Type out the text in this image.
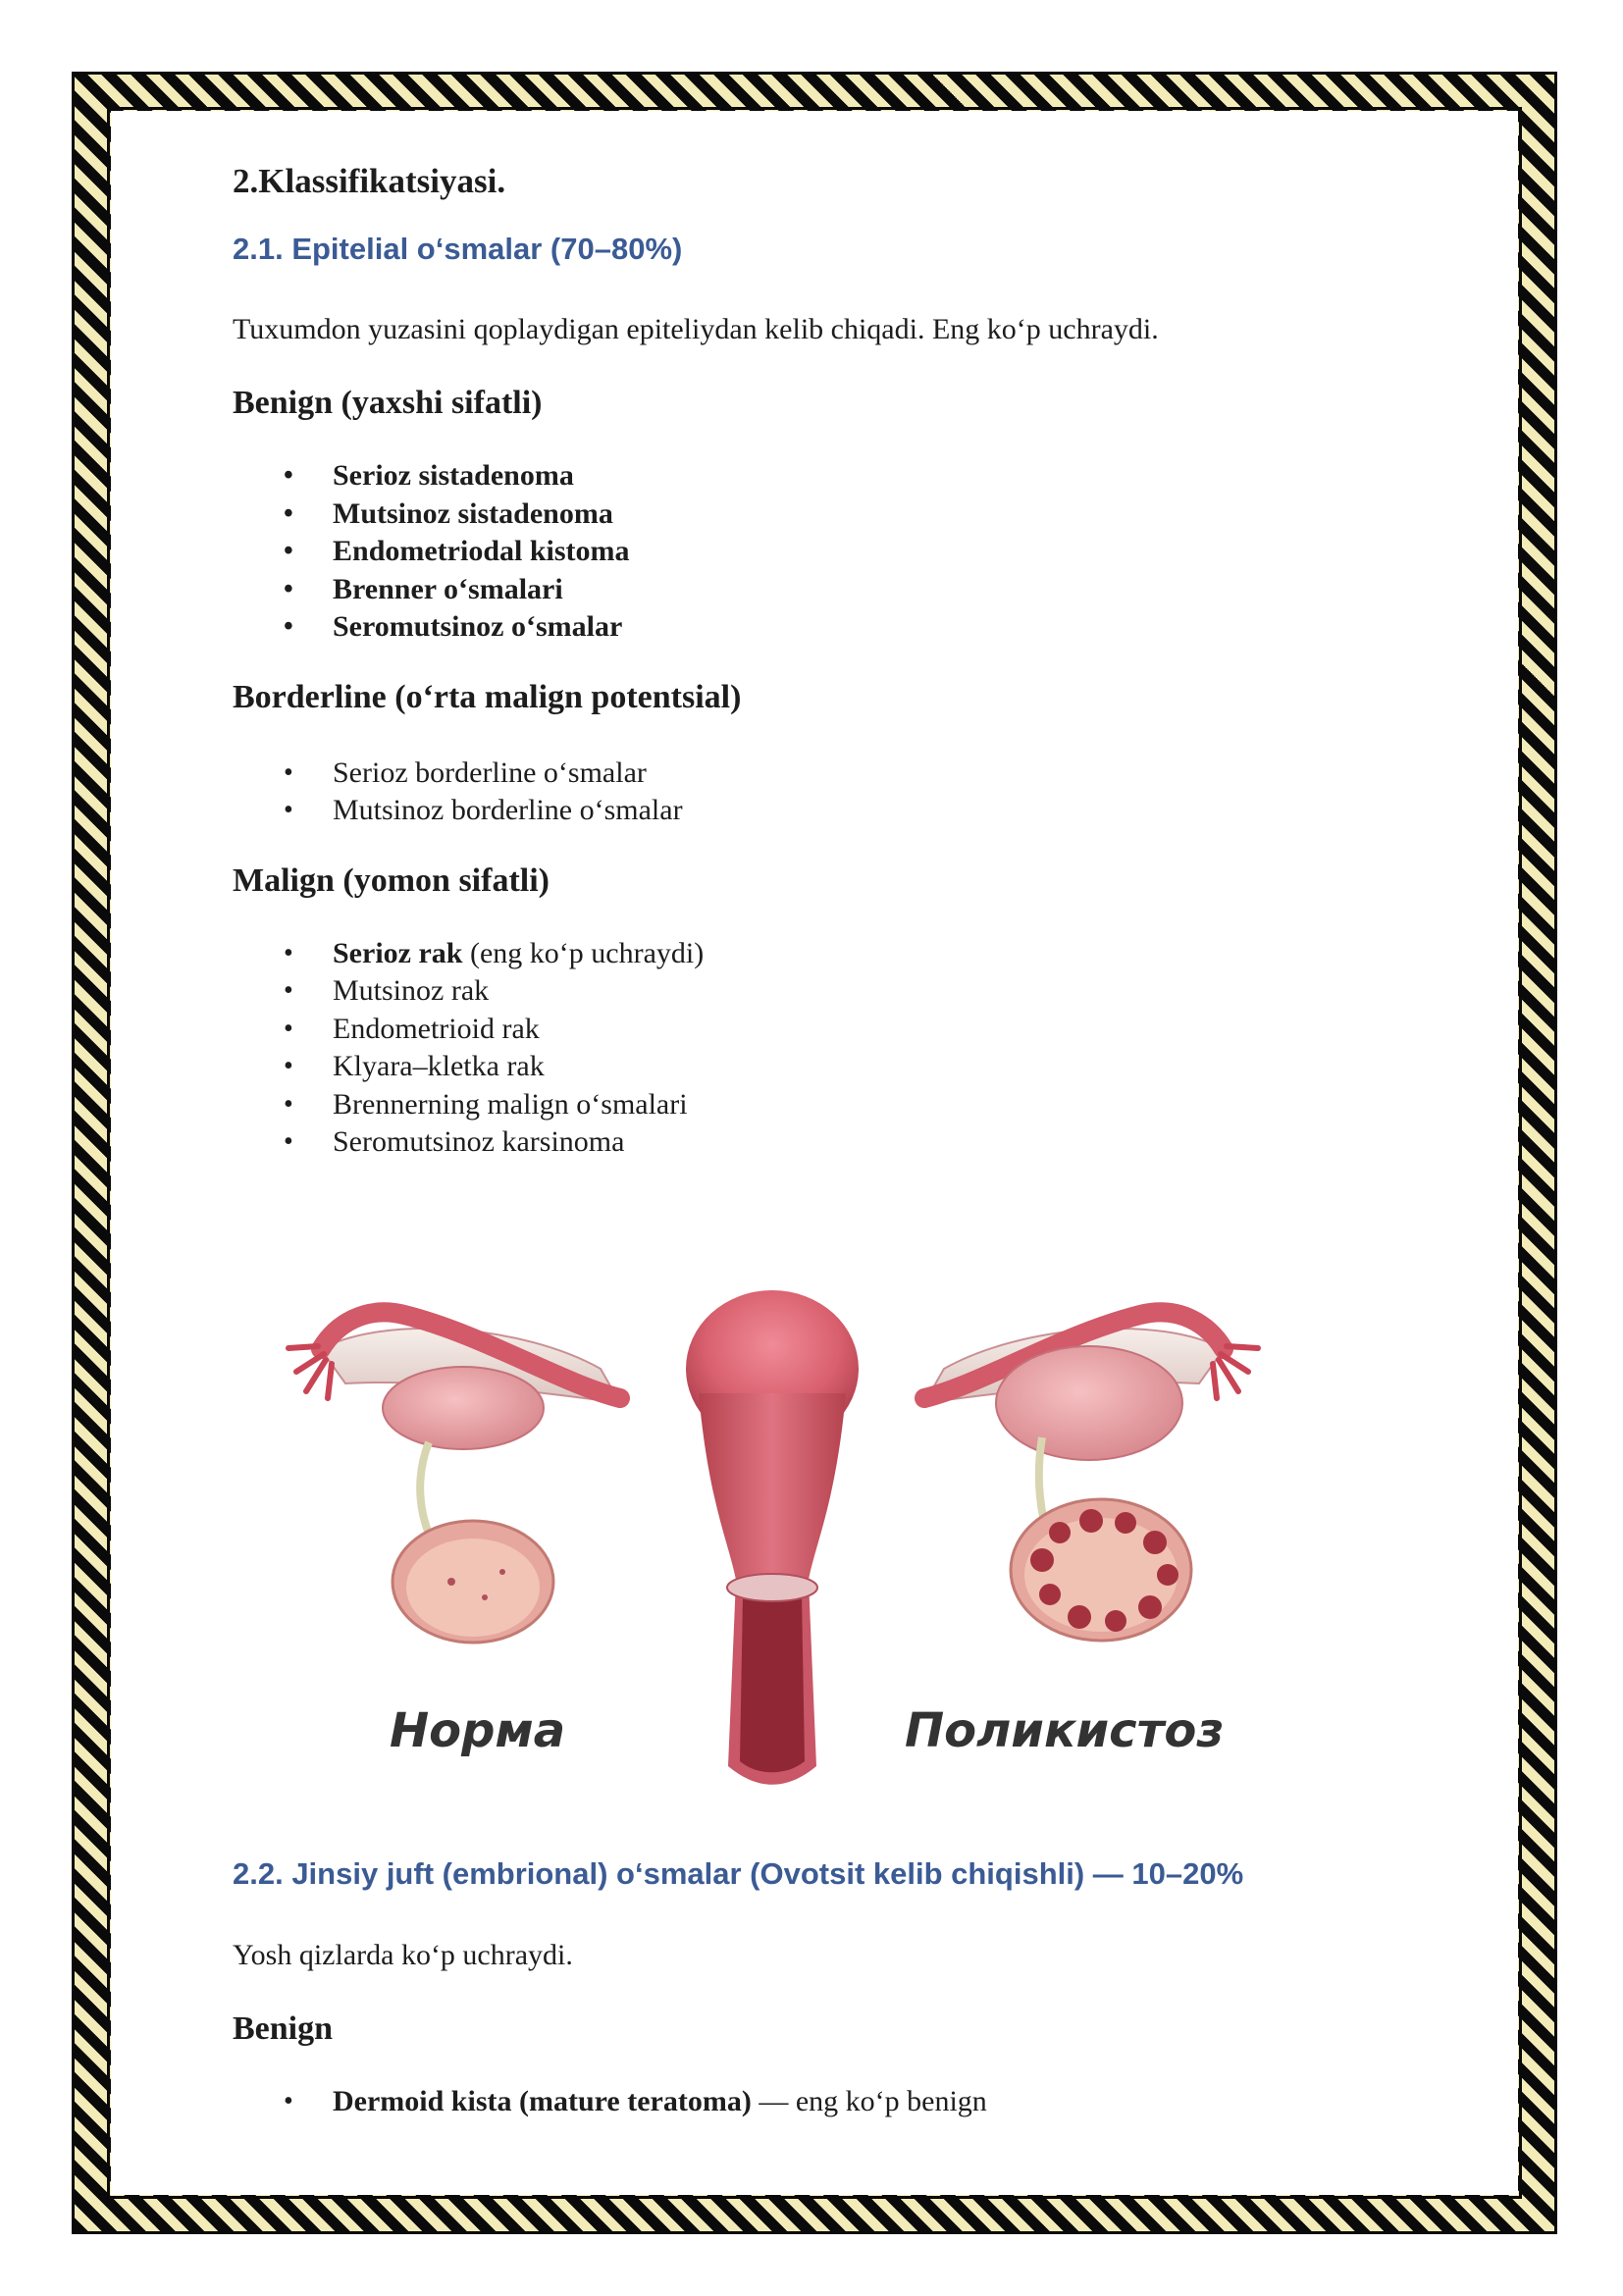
2.Klassifikatsiyasi.
2.1. Epitelial o‘smalar (70–80%)

Tuxumdon yuzasini qoplaydigan epiteliydan kelib chiqadi. Eng ko‘p uchraydi.

Benign (yaxshi sifatli)
• Serioz sistadenoma
• Mutsinoz sistadenoma
• Endometriodal kistoma
• Brenner o‘smalari
• Seromutsinoz o‘smalar
Borderline (o‘rta malign potentsial)
• Serioz borderline o‘smalar
• Mutsinoz borderline o‘smalar
Malign (yomon sifatli)
• Serioz rak (eng ko‘p uchraydi)
• Mutsinoz rak
• Endometrioid rak
• Klyara–kletka rak
• Brennerning malign o‘smalari
• Seromutsinoz karsinoma
Норма	Поликистоз
2.2. Jinsiy juft (embrional) o‘smalar (Ovotsit kelib chiqishli) — 10–20%

Yosh qizlarda ko‘p uchraydi.

Benign
• Dermoid kista (mature teratoma) — eng ko‘p benign
